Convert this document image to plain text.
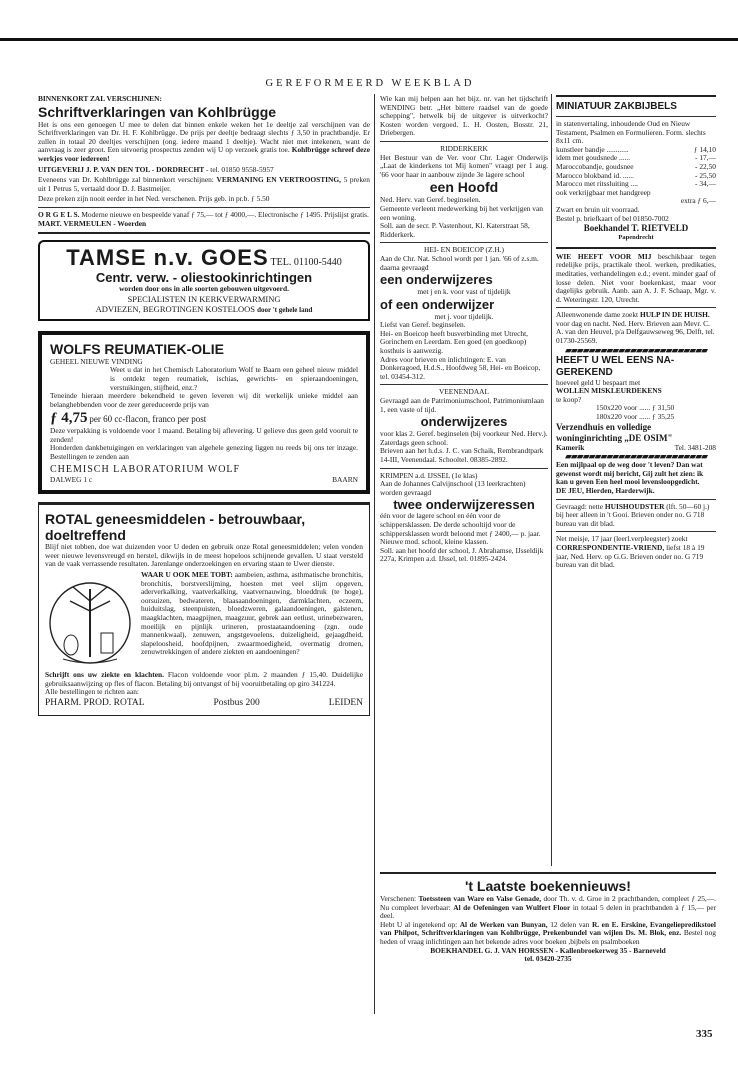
GEREFORMEERD WEEKBLAD

BINNENKORT ZAL VERSCHIJNEN:

Schriftverklaringen van Kohlbrügge

Het is ons een genoegen U mee te delen dat binnen enkele weken het 1e deeltje zal verschijnen van de Schriftverklaringen van Dr. H. F. Kohlbrügge. De prijs per deeltje bedraagt slechts ƒ 3,50 in prachtbandje. Er zullen in totaal 20 deeltjes verschijnen (ong. iedere maand 1 deeltje). Wacht niet met intekenen, want de aanvraag is zeer groot. Een uitvoerig prospectus zenden wij U op verzoek gratis toe. Kohlbrügge schreef deze werkjes voor iedereen!

UITGEVERIJ J. P. VAN DEN TOL - DORDRECHT - tel. 01850 9558-5957

Eveneens van Dr. Kohlbrügge zal binnenkort verschijnen: VERMANING EN VERTROOSTING, 5 preken uit 1 Petrus 5, vertaald door D. J. Bastmeijer.

Deze preken zijn nooit eerder in het Ned. verschenen. Prijs geb. in pr.b. ƒ 5.50

O R G E L S. Moderne nieuwe en bespeelde vanaf ƒ 75,— tot ƒ 4000,—. Electronische ƒ 1495. Prijslijst gratis. MART. VERMEULEN - Woerden

TAMSE n.v. GOES TEL. 01100-5440

Centr. verw. - oliestookinrichtingen

worden door ons in alle soorten gebouwen uitgevoerd.

SPECIALISTEN IN KERKVERWARMING

ADVIEZEN, BEGROTINGEN KOSTELOOS door 't gehele land

WOLFS REUMATIEK-OLIE

GEHEEL NIEUWE VINDING

Weet u dat in het Chemisch Laboratorium Wolf te Baarn een geheel nieuw middel is ontdekt tegen reumatiek, ischias, gewrichts- en spieraandoeningen, verstuikingen, stijfheid, enz.?

Teneinde hieraan meerdere bekendheid te geven leveren wij dit werkelijk unieke middel aan belanghebbenden voor de zeer gereduceerde prijs van

ƒ 4,75 per 60 cc-flacon, franco per post

Deze verpakking is voldoende voor 1 maand. Betaling bij aflevering. U gelieve dus geen geld vooruit te zenden!

Honderden dankbetuigingen en verklaringen van algehele genezing liggen nu reeds bij ons ter inzage. Bestellingen te zenden aan

CHEMISCH LABORATORIUM WOLF

DALWEG 1 c	BAARN

ROTAL geneesmiddelen - betrouwbaar, doeltreffend

Blijf niet tobben, doe wat duizenden voor U deden en gebruik onze Rotal geneesmiddelen; velen vonden weer nieuwe levensvreugd en herstel, dikwijls in de meest hopeloos schijnende gevallen. U staat versteld van de vaak verrassende resultaten. Jarenlange onderzoekingen en ervaring staan te Uwer dienste.

WAAR U OOK MEE TOBT: aambeien, asthma, asthmatische bronchitis, bronchitis, borstverslijming, hoesten met veel slijm opgeven, aderverkalking, vaatverkalking, vaatvernauwing, bloeddruk (te hoge), oorsuizen, bedwateren, blaasaandoeningen, darmklachten, eczeem, huiduitslag, steenpuisten, bloedzweren, galaandoeningen, galstenen, maagklachten, maagpijnen, maagzuur, gebrek aan eetlust, urinebezwaren, moeilijk en pijnlijk urineren, prostaataandoening (zgn. oude mannenkwaal), zenuwen, angstgevoelens, duizeligheid, gejaagdheid, slapeloosheid, hoofdpijnen, zwaarmoedigheid, overmatig dromen, zenuwtrekkingen of andere ziekten en aandoeningen?

Schrijft ons uw ziekte en klachten. Flacon voldoende voor pl.m. 2 maanden ƒ 15,40. Duidelijke gebruiksaanwijzing op fles of flacon. Betaling bij ontvangst of bij vooruitbetaling op giro 341224.

Alle bestellingen te richten aan:

PHARM. PROD. ROTAL	Postbus 200	LEIDEN

Wie kan mij helpen aan het bijz. nr. van het tijdschrift WENDING betr. „Het bittere raadsel van de goede schepping", hetwelk bij de uitgever is uitverkocht? Kosten worden vergoed. L. H. Oosten, Bosstr. 21, Driebergen.

RIDDERKERK

Het Bestuur van de Ver. voor Chr. Lager Onderwijs „Laat de kinderkens tot Mij komen" vraagt per 1 aug. '66 voor haar in aanbouw zijnde 3e lagere school

een Hoofd

Ned. Herv. van Geref. beginselen.

Gemeente verleent medewerking bij het verkrijgen van een woning.

Soll. aan de secr. P. Vastenhout, Kl. Katerstraat 58, Ridderkerk.

HEI- EN BOEICOP (Z.H.)

Aan de Chr. Nat. School wordt per 1 jan. '66 of z.s.m. daarna gevraagd

een onderwijzeres

met j en k. voor vast of tijdelijk

of een onderwijzer

met j. voor tijdelijk.

Liefst van Geref. beginselen.

Hei- en Boeicop heeft busverbinding met Utrecht, Gorinchem en Leerdam. Een goed (en goedkoop) kosthuis is aanwezig.

Adres voor brieven en inlichtingen: E. van Donkeragoed, H.d.S., Hoofdweg 58, Hei- en Boeicop, tel. 03454-312.

VEENENDAAL

Gevraagd aan de Patrimoniumschool, Patrimoniumlaan 1, een vaste of tijd.

onderwijzeres

voor klas 2. Geref. beginselen (bij voorkeur Ned. Herv.). Zaterdags geen school.

Brieven aan het h.d.s. J. C. van Schaik, Rembrandtpark 14-III, Veenendaal. Schooltel. 08385-2892.

KRIMPEN a.d. IJSSEL (1e klas)

Aan de Johannes Calvijnschool (13 leerkrachten) worden gevraagd

twee onderwijzeressen

één voor de lagere school en één voor de schippersklassen. De derde schooltijd voor de schippersklassen wordt beloond met ƒ 2400,— p. jaar. Nieuwe mod. school, kleine klassen.

Soll. aan het hoofd der school, J. Abrahamse, IJsseldijk 227a, Krimpen a.d. IJssel, tel. 01895-2424.

MINIATUUR ZAKBIJBELS

in statenvertaling, inhoudende Oud en Nieuw Testament, Psalmen en Formulieren. Form. slechts 8x11 cm.

kunstleer bandje ............	ƒ 14,10
idem met goudsnede ......	- 17,—
Maroccobandje, goudsnee	- 22,50
Marocco blokband id. ......	- 25,50
Marocco met ritssluiting ....	- 34,—

ook verkrijgbaar met handgreep

extra ƒ 6,—

Zwart en bruin uit voorraad.

Bestel p. briefkaart of bel 01850-7002

Boekhandel T. RIETVELD

Papendrecht

WIE HEEFT VOOR MIJ beschikbaar tegen redelijke prijs, practikale theol. werken, predikaties, meditaties, verhandelingen e.d.; event. minder gaaf of losse delen. Niet voor boekenkast, maar voor dagelijks gebruik. Aanb. aan A. J. F. Schaap, Mgr. v. d. Weteringstr. 120, Utrecht.

Alleenwonende dame zoekt HULP IN DE HUISH. voor dag en nacht. Ned. Herv. Brieven aan Mevr. C. A. van den Heuvel, p/a Delfgauwseweg 96, Delft, tel. 01730-25569.

▰▰▰▰▰▰▰▰▰▰▰▰▰▰▰▰▰▰▰▰▰▰▰▰

HEEFT U WEL EENS NA-GEREKEND

hoeveel geld U bespaart met

WOLLEN MISKLEURDEKENS

te koop?

150x220 voor ...... ƒ 31,50

180x220 voor ...... ƒ 35,25

Verzendhuis en volledige woninginrichting „DE OSIM"

Kamerik	Tel. 3481-208
▰▰▰▰▰▰▰▰▰▰▰▰▰▰▰▰▰▰▰▰▰▰▰▰

Een mijlpaal op de weg door 't leven? Dan wat gewenst wordt mij bericht, Gij zult het zien: ik kan u geven Een heel mooi levensloopgedicht.

DE JEU, Hierden, Harderwijk.

Gevraagd: nette HUISHOUDSTER (lft. 50—60 j.) bij heer alleen in 't Gooi. Brieven onder no. G 718 bureau van dit blad.

Net meisje, 17 jaar (leerl.verpleegster) zoekt CORRESPONDENTIE-VRIEND, liefst 18 à 19 jaar, Ned. Herv. op G.G. Brieven onder no. G 719 bureau van dit blad.

't Laatste boekennieuws!

Verschenen: Toetssteen van Ware en Valse Genade, door Th. v. d. Groe in 2 prachtbanden, compleet ƒ 25,—. Nu compleet leverbaar: Al de Oefeningen van Wulfert Floor in totaal 5 delen in prachtbanden à ƒ 15,— per deel.

Hebt U al ingetekend op: Al de Werken van Bunyan, 12 delen van R. en E. Erskine, Evangeliepredikstoel van Philpot, Schriftverklaringen van Kohlbrügge, Prekenbundel van wijlen Ds. M. Blok, enz. Bestel nog heden of vraag inlichtingen aan het bekende adres voor boeken ,bijbels en psalmboeken

BOEKHANDEL G. J. VAN HORSSEN - Kallenbroekerweg 35 - Barneveld

tel. 03420-2735

335
